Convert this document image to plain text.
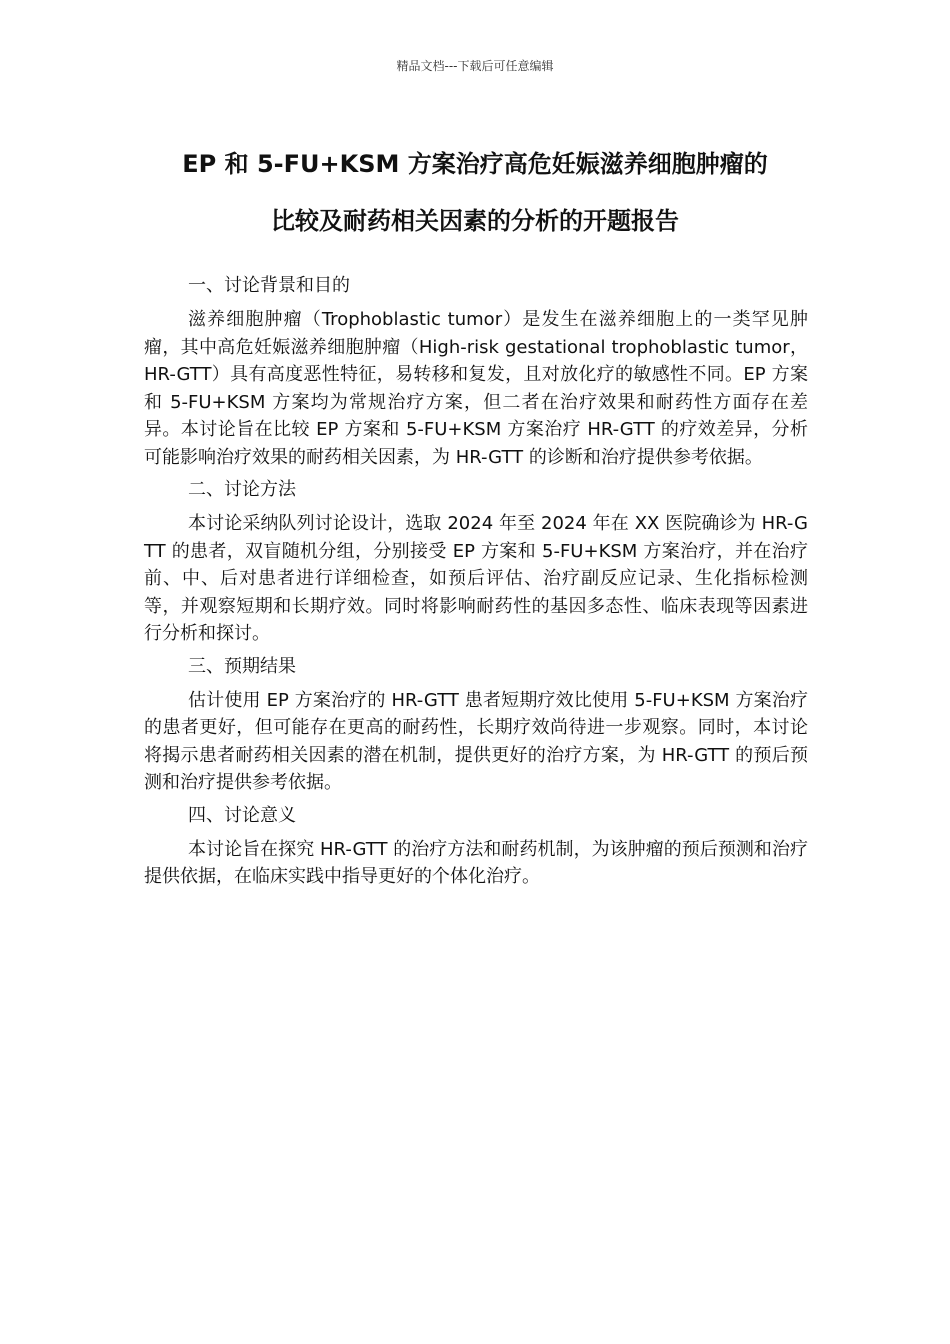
精品文档---下载后可任意编辑
EP 和 5-FU+KSM 方案治疗高危妊娠滋养细胞肿瘤的
比较及耐药相关因素的分析的开题报告

一、讨论背景和目的

滋养细胞肿瘤（Trophoblastic tumor）是发生在滋养细胞上的一类罕见肿瘤，其中高危妊娠滋养细胞肿瘤（High-risk gestational trophoblastic tumor，HR-GTT）具有高度恶性特征，易转移和复发，且对放化疗的敏感性不同。EP 方案和 5-FU+KSM 方案均为常规治疗方案，但二者在治疗效果和耐药性方面存在差异。本讨论旨在比较 EP 方案和 5-FU+KSM 方案治疗 HR-GTT 的疗效差异，分析可能影响治疗效果的耐药相关因素，为 HR-GTT 的诊断和治疗提供参考依据。

二、讨论方法

本讨论采纳队列讨论设计，选取 2024 年至 2024 年在 XX 医院确诊为 HR-GTT 的患者，双盲随机分组，分别接受 EP 方案和 5-FU+KSM 方案治疗，并在治疗前、中、后对患者进行详细检查，如预后评估、治疗副反应记录、生化指标检测等，并观察短期和长期疗效。同时将影响耐药性的基因多态性、临床表现等因素进行分析和探讨。

三、预期结果

估计使用 EP 方案治疗的 HR-GTT 患者短期疗效比使用 5-FU+KSM 方案治疗的患者更好，但可能存在更高的耐药性，长期疗效尚待进一步观察。同时，本讨论将揭示患者耐药相关因素的潜在机制，提供更好的治疗方案，为 HR-GTT 的预后预测和治疗提供参考依据。

四、讨论意义

本讨论旨在探究 HR-GTT 的治疗方法和耐药机制，为该肿瘤的预后预测和治疗提供依据，在临床实践中指导更好的个体化治疗。
